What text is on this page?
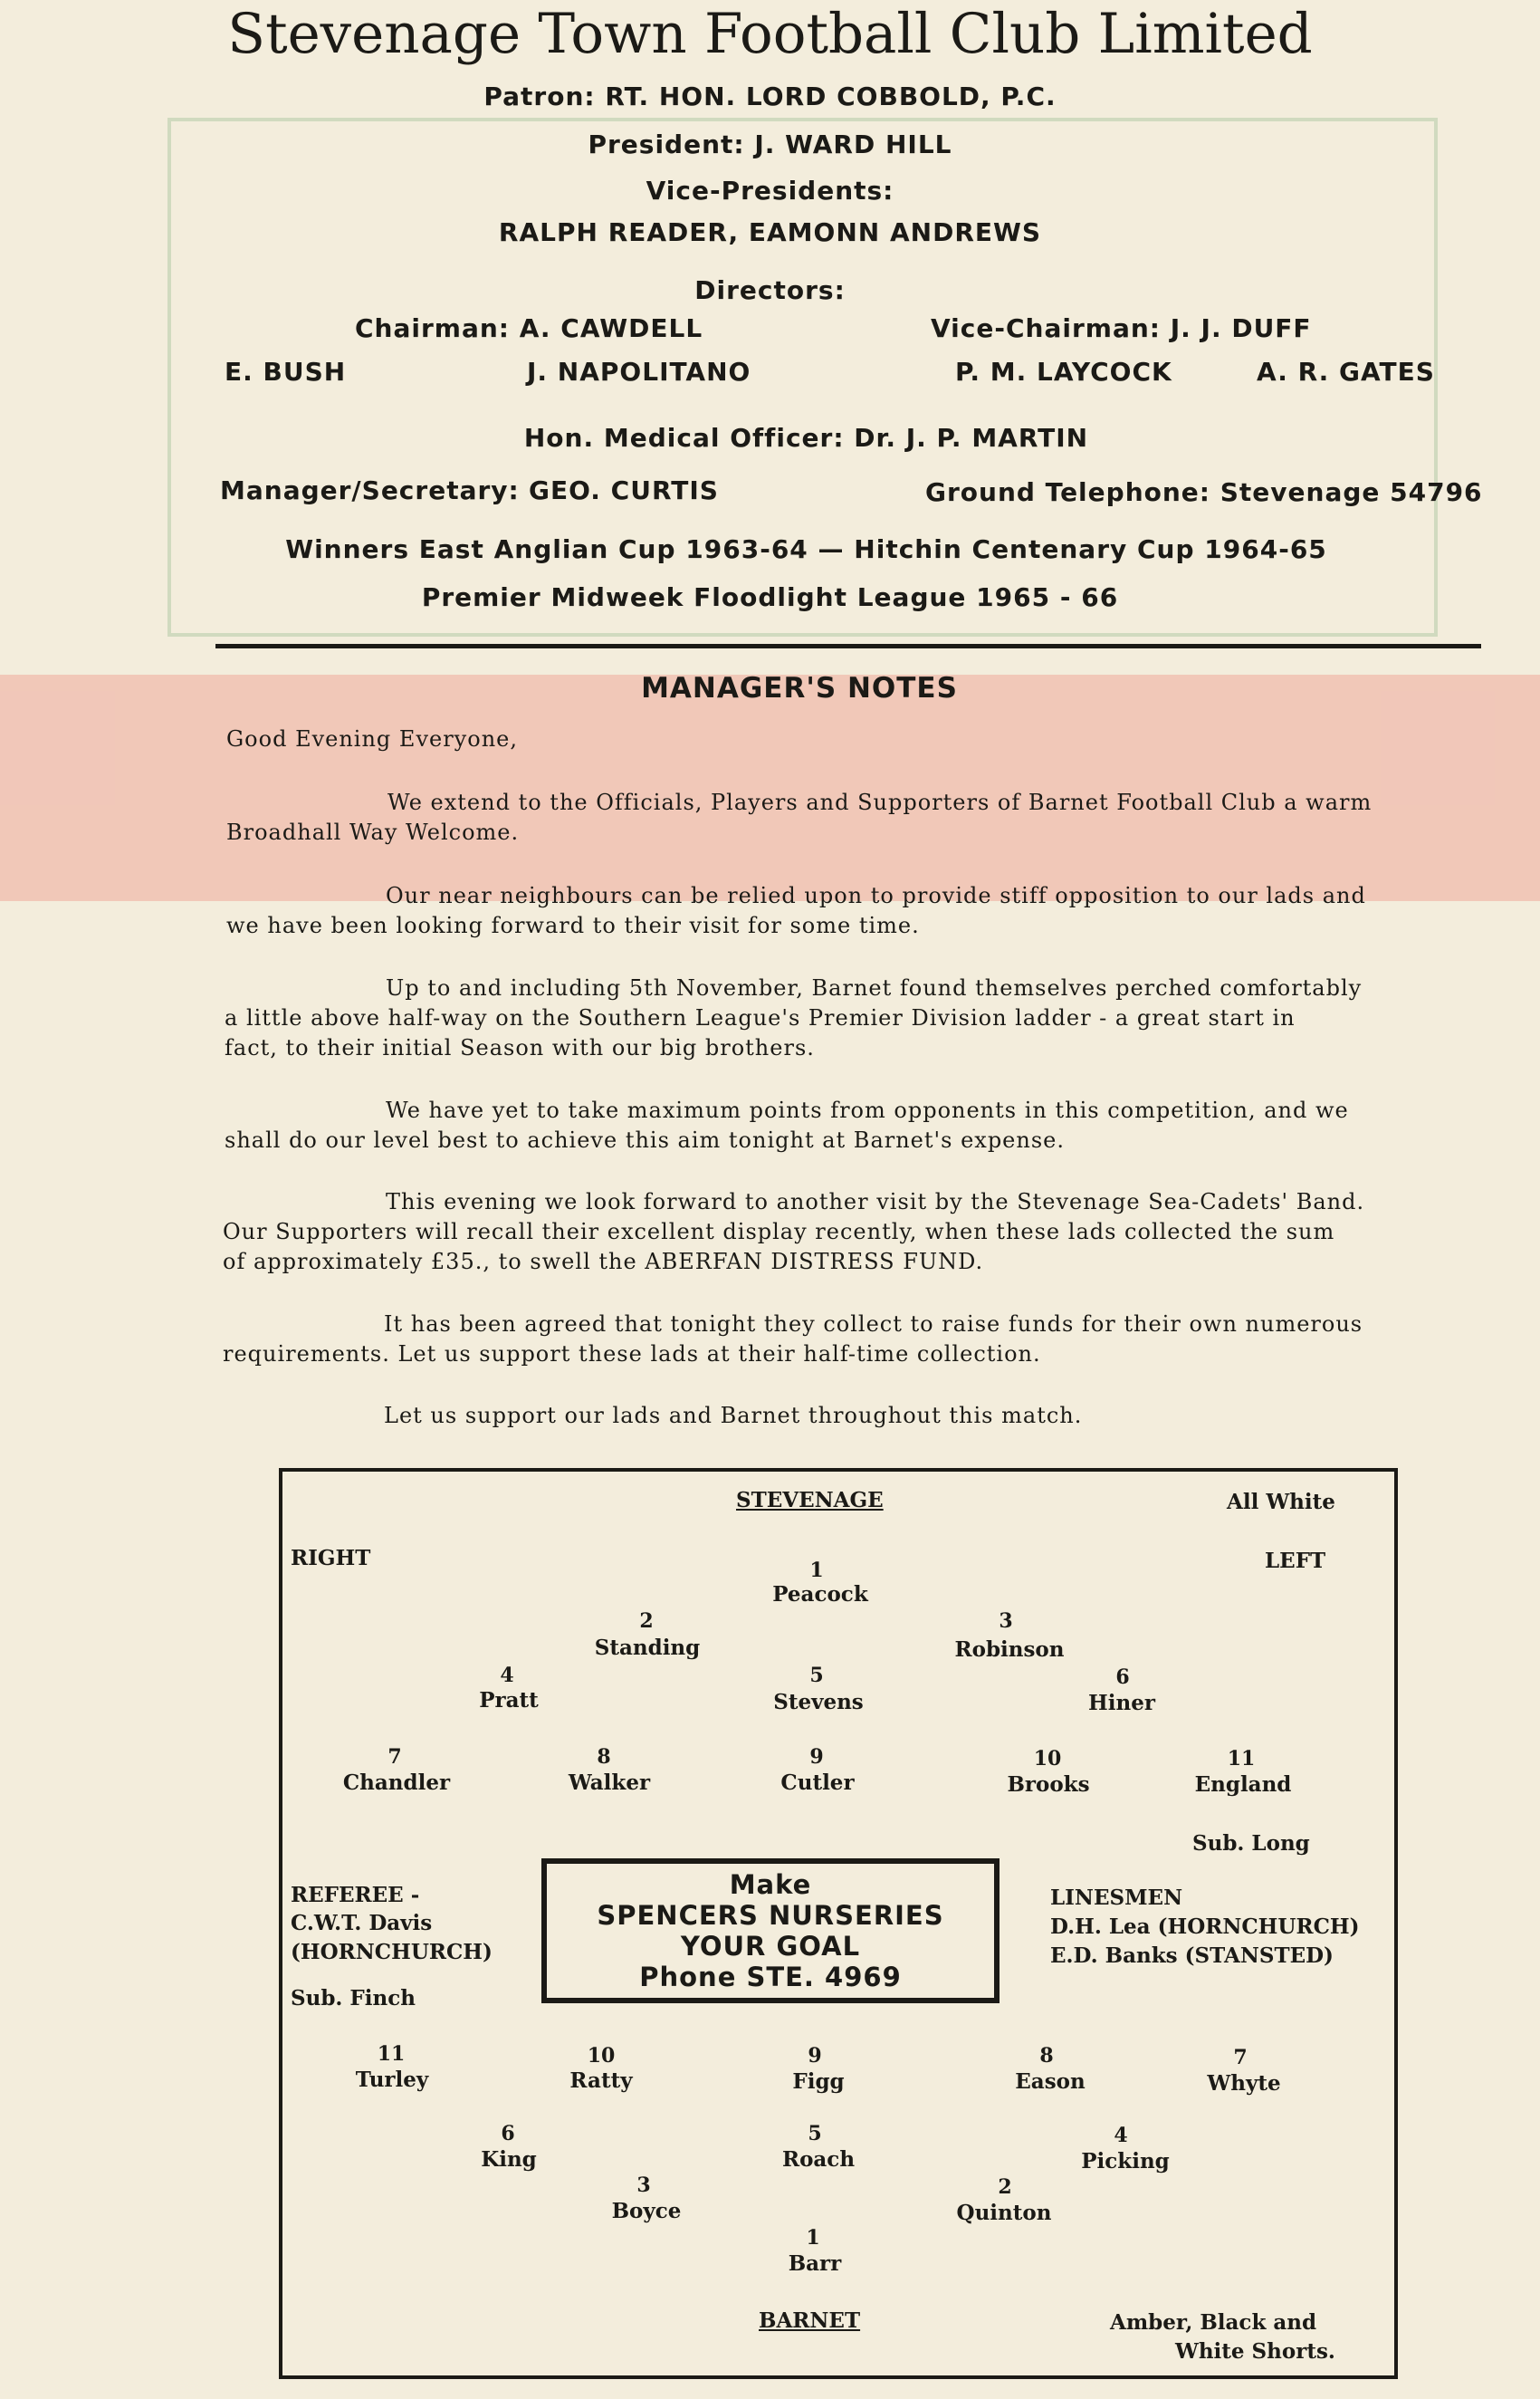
Stevenage Town Football Club Limited
Patron: RT. HON. LORD COBBOLD, P.C.
President: J. WARD HILL
Vice-Presidents:
RALPH READER, EAMONN ANDREWS
Directors:
Chairman: A. CAWDELL	Vice-Chairman: J. J. DUFF
E. BUSH	J. NAPOLITANO	P. M. LAYCOCK	A. R. GATES
Hon. Medical Officer: Dr. J. P. MARTIN
Manager/Secretary: GEO. CURTIS	Ground Telephone: Stevenage 54796
Winners East Anglian Cup 1963-64 — Hitchin Centenary Cup 1964-65
Premier Midweek Floodlight League 1965 - 66
MANAGER'S NOTES
Good Evening Everyone,
We extend to the Officials, Players and Supporters of Barnet Football Club a warm
Broadhall Way Welcome.
Our near neighbours can be relied upon to provide stiff opposition to our lads and
we have been looking forward to their visit for some time.
Up to and including 5th November, Barnet found themselves perched comfortably
a little above half-way on the Southern League's Premier Division ladder - a great start in
fact, to their initial Season with our big brothers.
We have yet to take maximum points from opponents in this competition, and we
shall do our level best to achieve this aim tonight at Barnet's expense.
This evening we look forward to another visit by the Stevenage Sea-Cadets' Band.
Our Supporters will recall their excellent display recently, when these lads collected the sum
of approximately £35., to swell the ABERFAN DISTRESS FUND.
It has been agreed that tonight they collect to raise funds for their own numerous
requirements. Let us support these lads at their half-time collection.
Let us support our lads and Barnet throughout this match.
STEVENAGE	All White
RIGHT	LEFT
1
Peacock
2
Standing
3
Robinson
4
Pratt
5
Stevens
6
Hiner
7
Chandler
8
Walker
9
Cutler
10
Brooks
11
England
Sub. Long
REFEREE -
C.W.T. Davis
(HORNCHURCH)
LINESMEN
D.H. Lea (HORNCHURCH)
E.D. Banks (STANSTED)
Sub. Finch
Make
SPENCERS NURSERIES
YOUR GOAL
Phone STE. 4969
11
Turley
10
Ratty
9
Figg
8
Eason
7
Whyte
6
King
5
Roach
4
Picking
3
Boyce
2
Quinton
1
Barr
BARNET	Amber, Black and
White Shorts.
